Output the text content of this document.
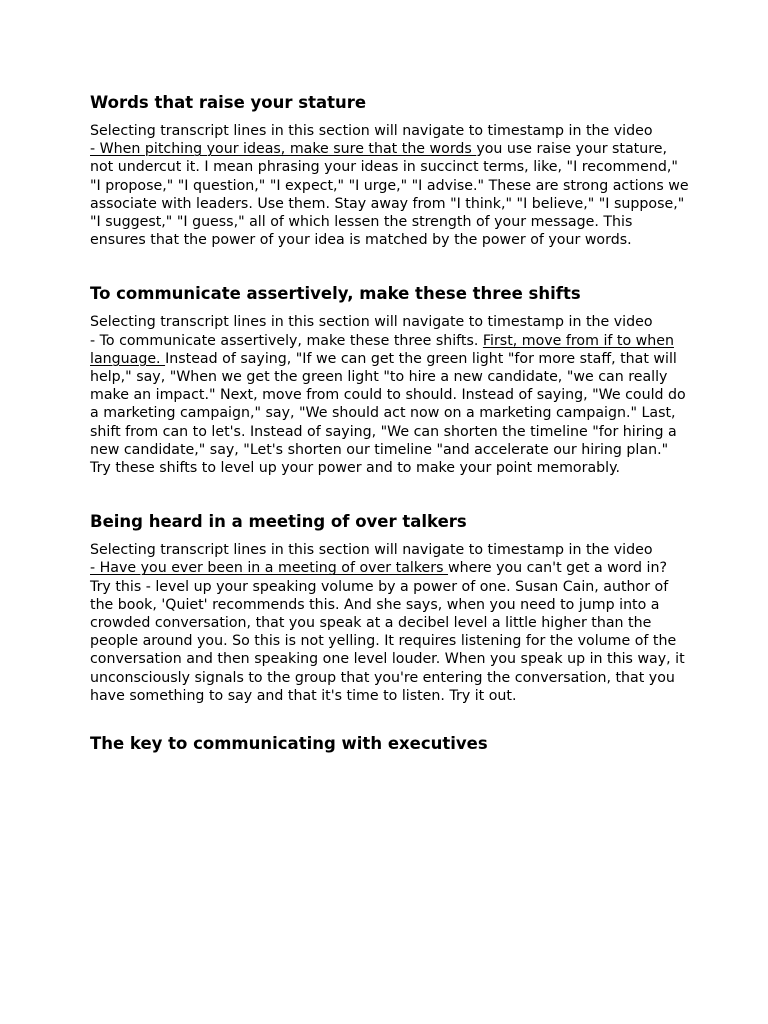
Words that raise your stature

Selecting transcript lines in this section will navigate to timestamp in the video
- When pitching your ideas, make sure that the words you use raise your stature, not undercut it. I mean phrasing your ideas in succinct terms, like, "I recommend," "I propose," "I question," "I expect," "I urge," "I advise." These are strong actions we associate with leaders. Use them. Stay away from "I think," "I believe," "I suppose," "I suggest," "I guess," all of which lessen the strength of your message. This ensures that the power of your idea is matched by the power of your words.

To communicate assertively, make these three shifts

Selecting transcript lines in this section will navigate to timestamp in the video
- To communicate assertively, make these three shifts. First, move from if to when language. Instead of saying, "If we can get the green light "for more staff, that will help," say, "When we get the green light "to hire a new candidate, "we can really make an impact." Next, move from could to should. Instead of saying, "We could do a marketing campaign," say, "We should act now on a marketing campaign." Last, shift from can to let's. Instead of saying, "We can shorten the timeline "for hiring a new candidate," say, "Let's shorten our timeline "and accelerate our hiring plan." Try these shifts to level up your power and to make your point memorably.

Being heard in a meeting of over talkers

Selecting transcript lines in this section will navigate to timestamp in the video
- Have you ever been in a meeting of over talkers where you can't get a word in? Try this - level up your speaking volume by a power of one. Susan Cain, author of the book, 'Quiet' recommends this. And she says, when you need to jump into a crowded conversation, that you speak at a decibel level a little higher than the people around you. So this is not yelling. It requires listening for the volume of the conversation and then speaking one level louder. When you speak up in this way, it unconsciously signals to the group that you're entering the conversation, that you have something to say and that it's time to listen. Try it out.

The key to communicating with executives
